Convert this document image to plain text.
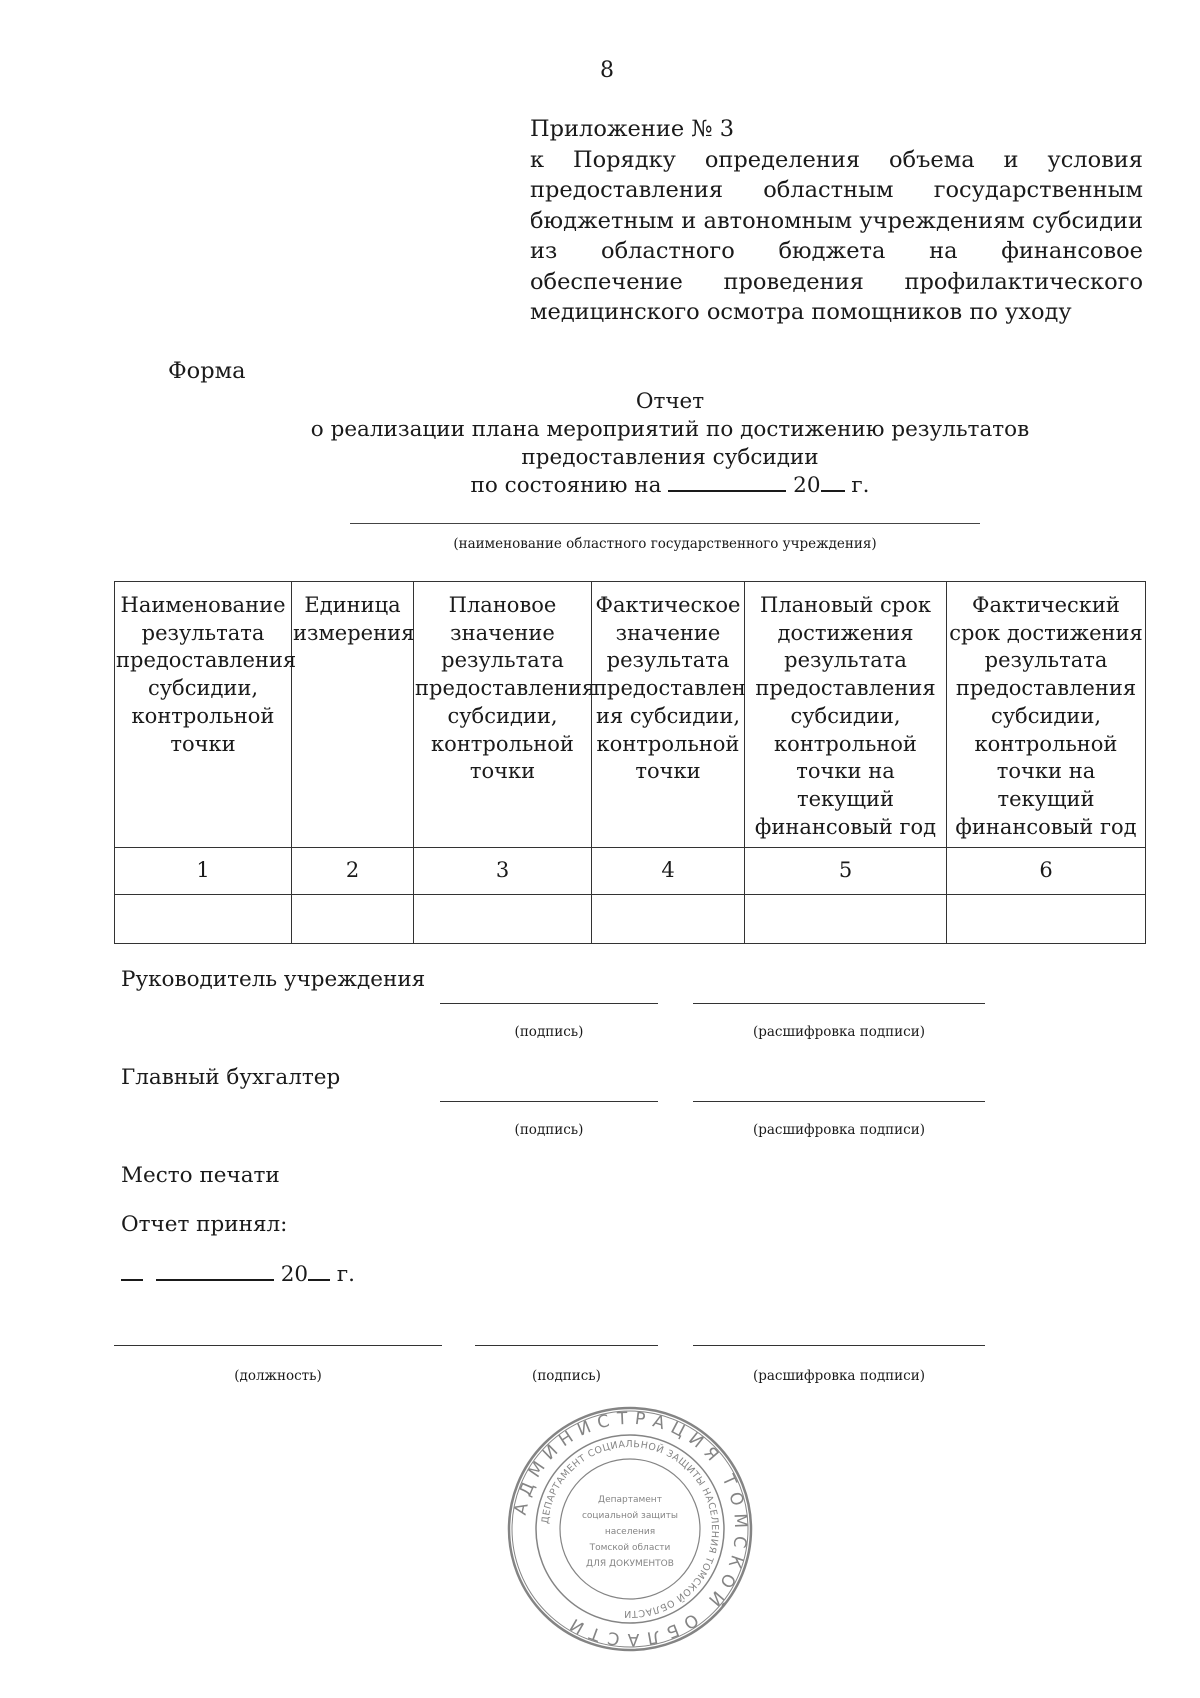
8
Приложение № 3
к Порядку определения объема и условия предоставления областным государственным бюджетным и автономным учреждениям субсидии из областного бюджета на финансовое обеспечение проведения профилактического медицинского осмотра помощников по уходу
Форма
Отчет
о реализации плана мероприятий по достижению результатов
предоставления субсидии
по состоянию на	20 г.
(наименование областного государственного учреждения)
Наименование результата предоставления субсидии, контрольной точки	Единица измерения	Плановое значение результата предоставления субсидии, контрольной точки	Фактическое значение результата предоставлен ия субсидии, контрольной точки	Плановый срок достижения результата предоставления субсидии, контрольной точки на текущий финансовый год	Фактический срок достижения результата предоставления субсидии, контрольной точки на текущий финансовый год
1	2	3	4	5	6

Руководитель учреждения
(подпись)	(расшифровка подписи)
Главный бухгалтер
(подпись)	(расшифровка подписи)
Место печати
Отчет принял:
20 г.
(должность)	(подпись)	(расшифровка подписи)
АДМИНИСТРАЦИЯ ТОМСКОЙ ОБЛАСТИ
ДЕПАРТАМЕНТ СОЦИАЛЬНОЙ ЗАЩИТЫ НАСЕЛЕНИЯ ТОМСКОЙ ОБЛАСТИ
Департамент
социальной защиты
населения
Томской области
ДЛЯ ДОКУМЕНТОВ
